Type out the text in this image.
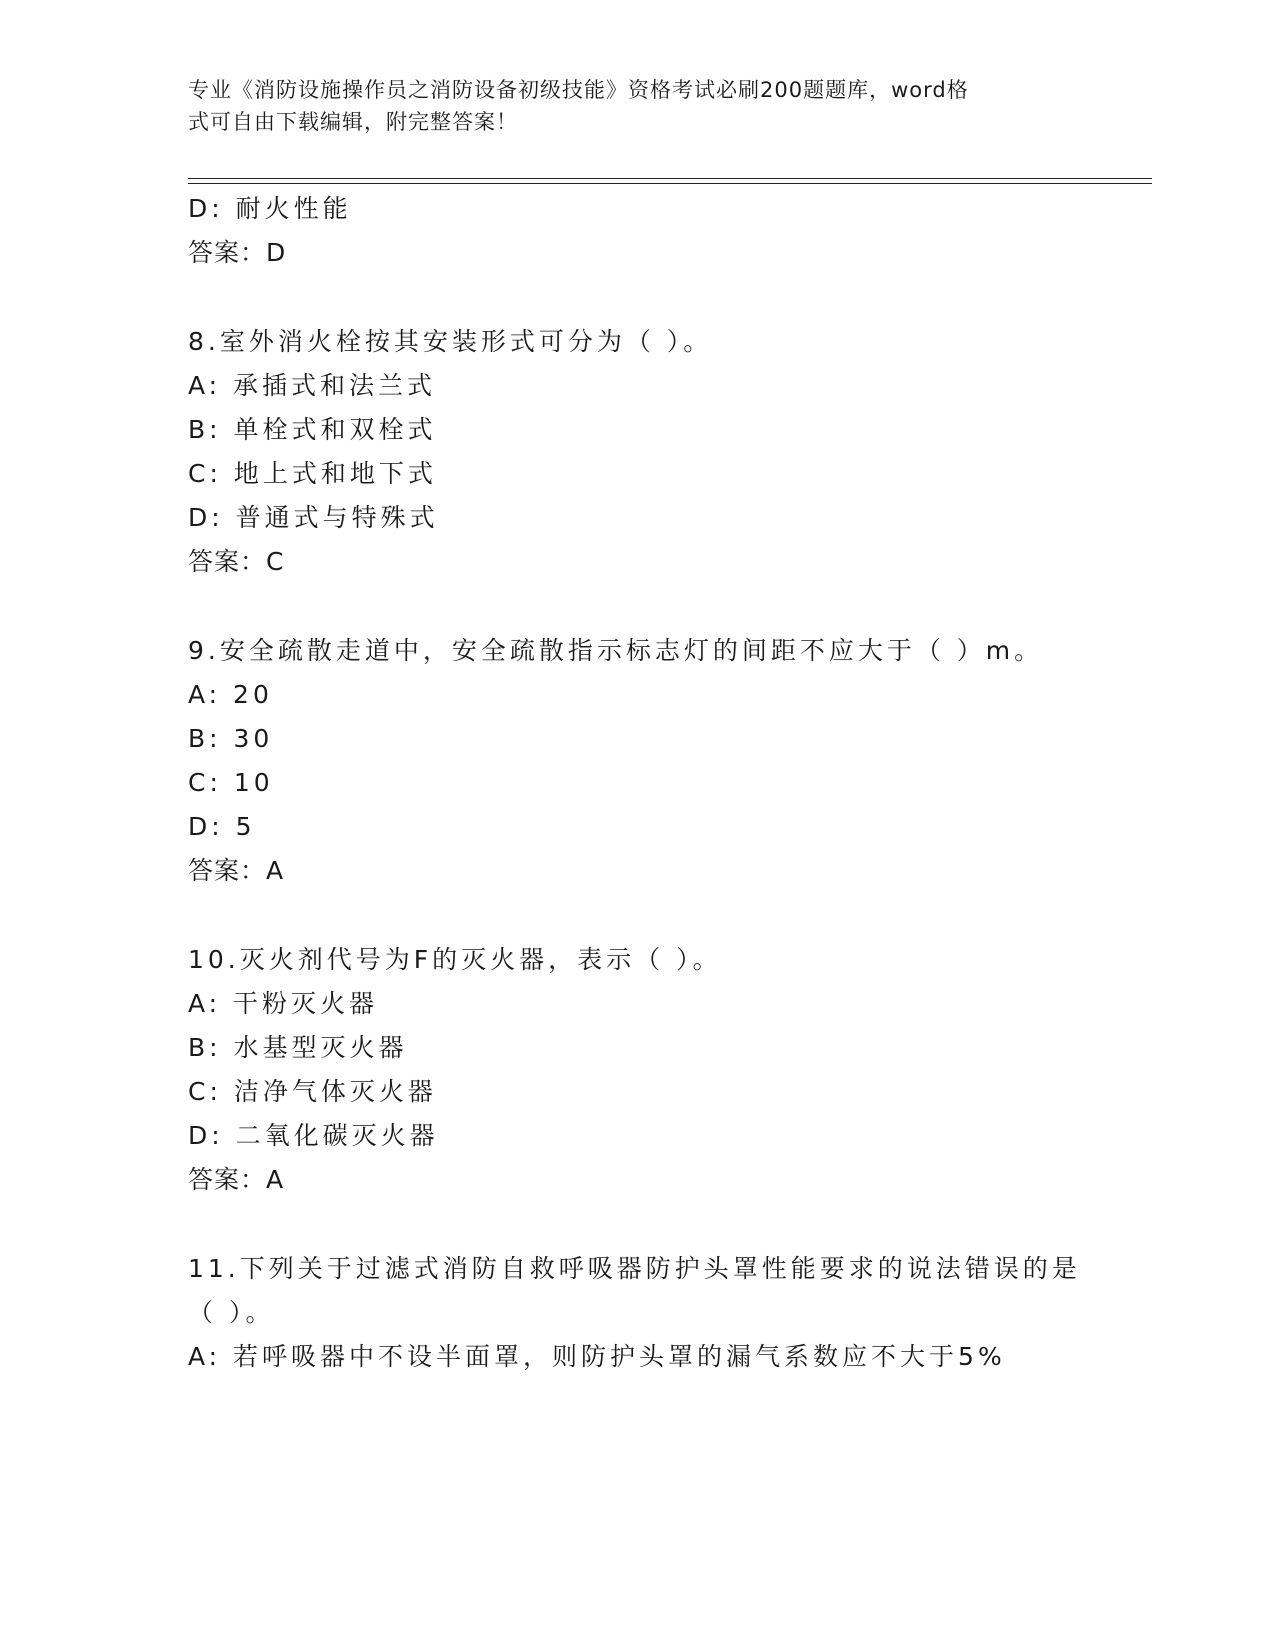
专业《消防设施操作员之消防设备初级技能》资格考试必刷200题题库，word格
式可自由下载编辑，附完整答案！
D: 耐火性能
答案：D
8.室外消火栓按其安装形式可分为（ ）。
A: 承插式和法兰式
B: 单栓式和双栓式
C: 地上式和地下式
D: 普通式与特殊式
答案：C
9.安全疏散走道中，安全疏散指示标志灯的间距不应大于（ ）m。
A: 20
B: 30
C: 10
D: 5
答案：A
10.灭火剂代号为F的灭火器，表示（ ）。
A: 干粉灭火器
B: 水基型灭火器
C: 洁净气体灭火器
D: 二氧化碳灭火器
答案：A
11.下列关于过滤式消防自救呼吸器防护头罩性能要求的说法错误的是
（ ）。
A: 若呼吸器中不设半面罩，则防护头罩的漏气系数应不大于5%
